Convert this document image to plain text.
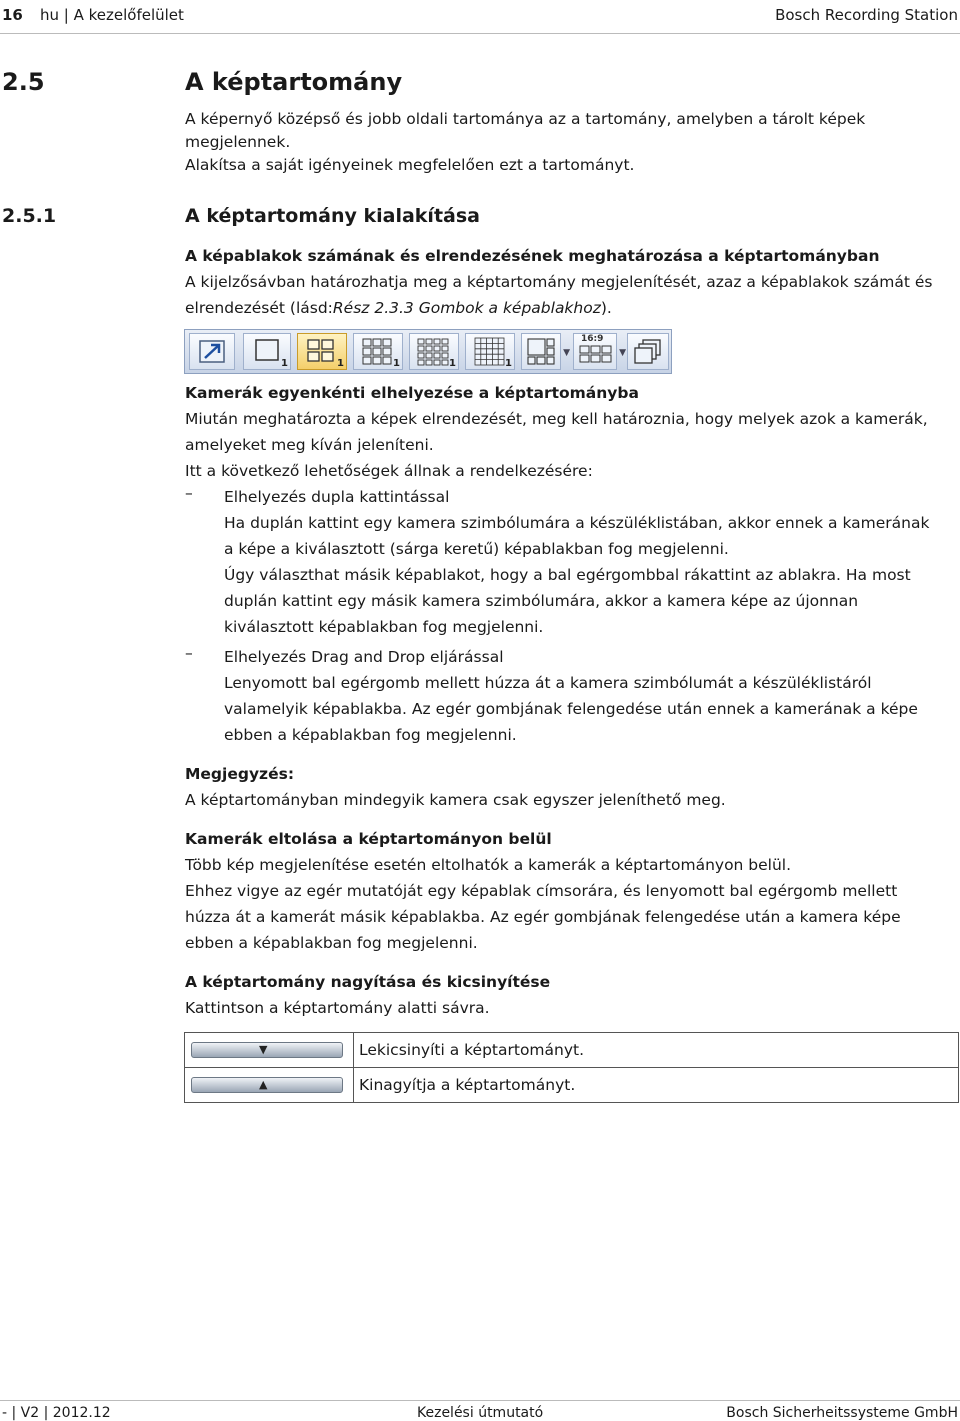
16 hu | A kezelőfelület	Bosch Recording Station
2.5	A képtartomány

A képernyő középső és jobb oldali tartománya az a tartomány, amelyben a tárolt képek

megjelennek.

Alakítsa a saját igényeinek megfelelően ezt a tartományt.

2.5.1	A képtartomány kialakítása

A képablakok számának és elrendezésének meghatározása a képtartományban

A kijelzősávban határozhatja meg a képtartomány megjelenítését, azaz a képablakok számát és

elrendezését (lásd:Rész 2.3.3 Gombok a képablakhoz).

1	1	1	1	1
▼
16:9
▼

Kamerák egyenkénti elhelyezése a képtartományba

Miután meghatározta a képek elrendezését, meg kell határoznia, hogy melyek azok a kamerák,

amelyeket meg kíván jeleníteni.

Itt a következő lehetőségek állnak a rendelkezésére:

– Elhelyezés dupla kattintással

Ha duplán kattint egy kamera szimbólumára a készüléklistában, akkor ennek a kamerának

a képe a kiválasztott (sárga keretű) képablakban fog megjelenni.

Úgy választhat másik képablakot, hogy a bal egérgombbal rákattint az ablakra. Ha most

duplán kattint egy másik kamera szimbólumára, akkor a kamera képe az újonnan

kiválasztott képablakban fog megjelenni.

– Elhelyezés Drag and Drop eljárással

Lenyomott bal egérgomb mellett húzza át a kamera szimbólumát a készüléklistáról

valamelyik képablakba. Az egér gombjának felengedése után ennek a kamerának a képe

ebben a képablakban fog megjelenni.

Megjegyzés:

A képtartományban mindegyik kamera csak egyszer jeleníthető meg.

Kamerák eltolása a képtartományon belül

Több kép megjelenítése esetén eltolhatók a kamerák a képtartományon belül.

Ehhez vigye az egér mutatóját egy képablak címsorára, és lenyomott bal egérgomb mellett

húzza át a kamerát másik képablakba. Az egér gombjának felengedése után a kamera képe

ebben a képablakban fog megjelenni.

A képtartomány nagyítása és kicsinyítése

Kattintson a képtartomány alatti sávra.

▼	Lekicsinyíti a képtartományt.

▲	Kinagyítja a képtartományt.
- | V2 | 2012.12	Kezelési útmutató	Bosch Sicherheitssysteme GmbH
